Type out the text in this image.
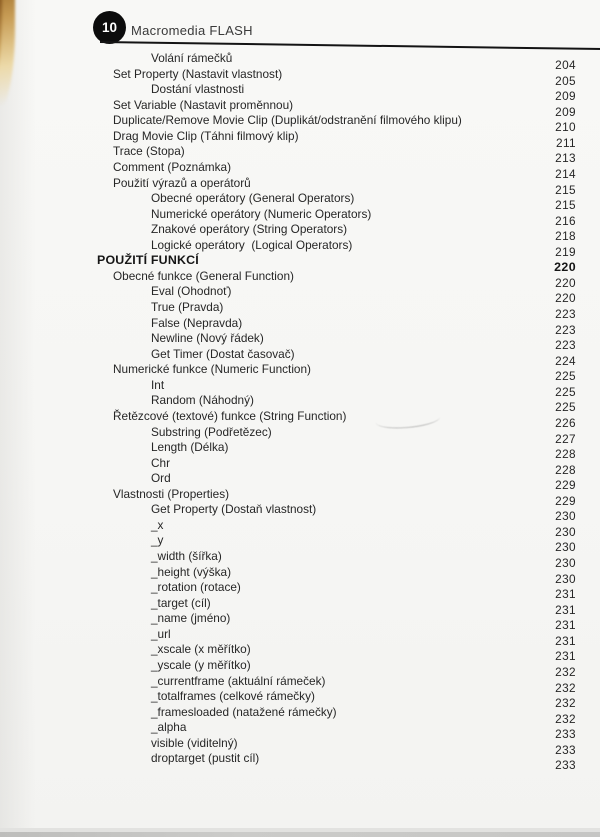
10 Macromedia FLASH
Volání rámečků	204
Set Property (Nastavit vlastnost)	205
Dostání vlastnosti	209
Set Variable (Nastavit proměnnou)	209
Duplicate/Remove Movie Clip (Duplikát/odstranění filmového klipu)	210
Drag Movie Clip (Táhni filmový klip)	211
Trace (Stopa)	213
Comment (Poznámka)	214
Použití výrazů a operátorů	215
Obecné operátory (General Operators)	215
Numerické operátory (Numeric Operators)	216
Znakové operátory (String Operators)	218
Logické operátory  (Logical Operators)	219
POUŽITÍ FUNKCÍ	220
Obecné funkce (General Function)	220
Eval (Ohodnoť)	220
True (Pravda)	223
False (Nepravda)	223
Newline (Nový řádek)	223
Get Timer (Dostat časovač)	224
Numerické funkce (Numeric Function)	225
Int	225
Random (Náhodný)	225
Řetězcové (textové) funkce (String Function)	226
Substring (Podřetězec)	227
Length (Délka)	228
Chr	228
Ord	229
Vlastnosti (Properties)	229
Get Property (Dostaň vlastnost)	230
_x	230
_y	230
_width (šířka)	230
_height (výška)	230
_rotation (rotace)	231
_target (cíl)	231
_name (jméno)	231
_url	231
_xscale (x měřítko)	231
_yscale (y měřítko)	232
_currentframe (aktuální rámeček)	232
_totalframes (celkové rámečky)	232
_framesloaded (natažené rámečky)	232
_alpha	233
visible (viditelný)	233
droptarget (pustit cíl)	233
